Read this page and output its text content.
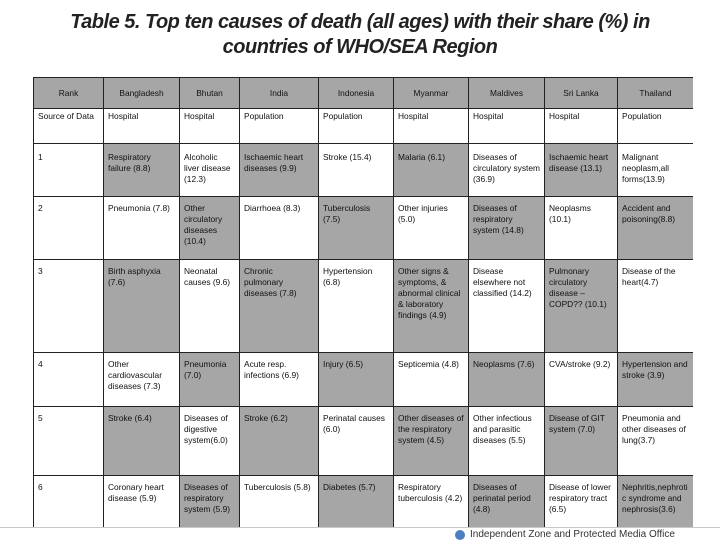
Table 5. Top ten causes of death (all ages) with their share (%) in
countries of WHO/SEA Region
Rank	Bangladesh	Bhutan	India	Indonesia	Myanmar	Maldives	Sri Lanka	Thailand
Source of Data	Hospital	Hospital	Population	Population	Hospital	Hospital	Hospital	Population
1	Respiratory failure (8.8)	Alcoholic liver disease (12.3)	Ischaemic heart diseases (9.9)	Stroke (15.4)	Malaria (6.1)	Diseases of circulatory system (36.9)	Ischaemic heart disease (13.1)	Malignant neoplasm,all forms(13.9)
2	Pneumonia (7.8)	Other circulatory diseases (10.4)	Diarrhoea (8.3)	Tuberculosis (7.5)	Other injuries (5.0)	Diseases of respiratory system (14.8)	Neoplasms (10.1)	Accident and poisoning(8.8)
3	Birth asphyxia (7.6)	Neonatal causes (9.6)	Chronic pulmonary diseases (7.8)	Hypertension (6.8)	Other signs & symptoms, & abnormal clinical & laboratory findings (4.9)	Disease elsewhere not classified (14.2)	Pulmonary circulatory disease – COPD?? (10.1)	Disease of the heart(4.7)
4	Other cardiovascular diseases (7.3)	Pneumonia (7.0)	Acute resp. infections (6.9)	Injury (6.5)	Septicemia (4.8)	Neoplasms (7.6)	CVA/stroke (9.2)	Hypertension and stroke (3.9)
5	Stroke (6.4)	Diseases of digestive system(6.0)	Stroke (6.2)	Perinatal causes (6.0)	Other diseases of the respiratory system (4.5)	Other infectious and parasitic diseases (5.5)	Disease of GIT system (7.0)	Pneumonia and other diseases of lung(3.7)
6	Coronary heart disease (5.9)	Diseases of respiratory system (5.9)	Tuberculosis (5.8)	Diabetes (5.7)	Respiratory tuberculosis (4.2)	Diseases of perinatal period (4.8)	Disease of lower respiratory tract (6.5)	Nephritis,nephrotic syndrome and nephrosis(3.6)
Independent Zone and Protected Media Office
